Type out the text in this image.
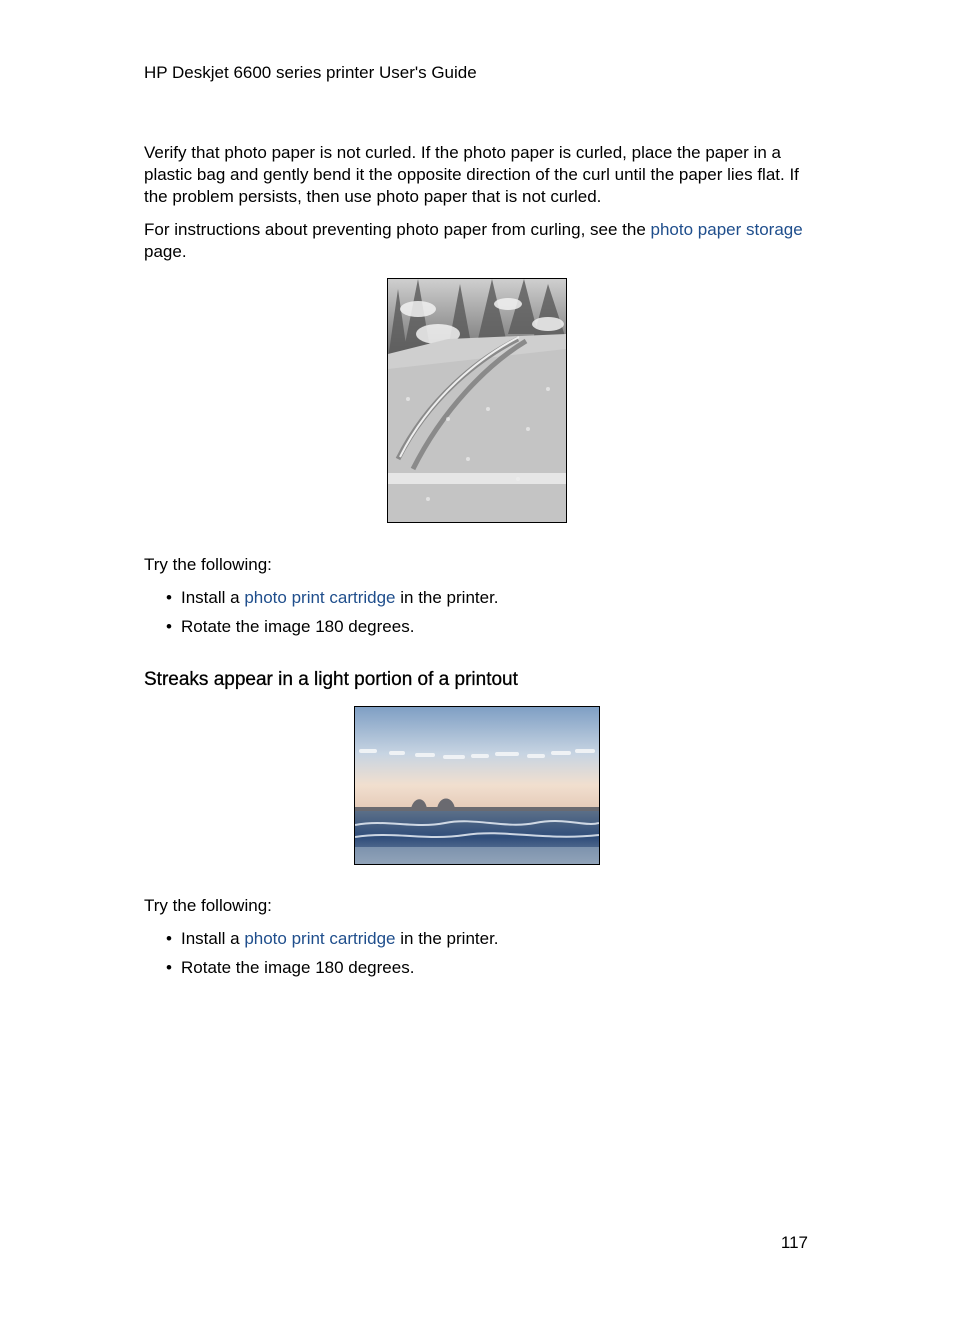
HP Deskjet 6600 series printer User's Guide
Verify that photo paper is not curled. If the photo paper is curled, place the paper in a plastic bag and gently bend it the opposite direction of the curl until the paper lies flat. If the problem persists, then use photo paper that is not curled.
For instructions about preventing photo paper from curling, see the photo paper storage page.
Try the following:
• Install a photo print cartridge in the printer.
• Rotate the image 180 degrees.
Streaks appear in a light portion of a printout
Try the following:
• Install a photo print cartridge in the printer.
• Rotate the image 180 degrees.
117
